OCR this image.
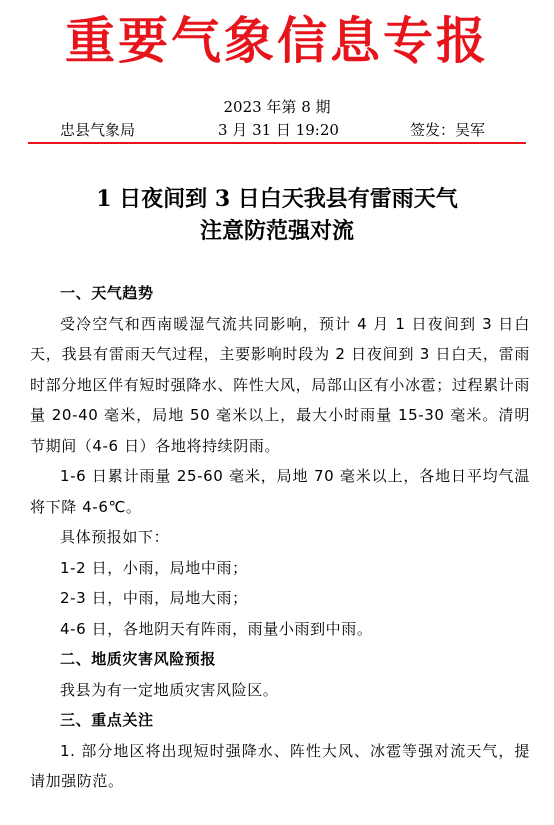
重要气象信息专报
2023 年第 8 期
忠县气象局	3 月 31 日 19:20	签发：吴军
1 日夜间到 3 日白天我县有雷雨天气
注意防范强对流

一、天气趋势

受冷空气和西南暖湿气流共同影响，预计 4 月 1 日夜间到 3 日白天，我县有雷雨天气过程，主要影响时段为 2 日夜间到 3 日白天，雷雨时部分地区伴有短时强降水、阵性大风，局部山区有小冰雹；过程累计雨量 20-40 毫米，局地 50 毫米以上，最大小时雨量 15-30 毫米。清明节期间（4-6 日）各地将持续阴雨。

1-6 日累计雨量 25-60 毫米，局地 70 毫米以上，各地日平均气温将下降 4-6℃。

具体预报如下：

1-2 日，小雨，局地中雨；

2-3 日，中雨，局地大雨；

4-6 日，各地阴天有阵雨，雨量小雨到中雨。

二、地质灾害风险预报

我县为有一定地质灾害风险区。

三、重点关注

1. 部分地区将出现短时强降水、阵性大风、冰雹等强对流天气，提请加强防范。
